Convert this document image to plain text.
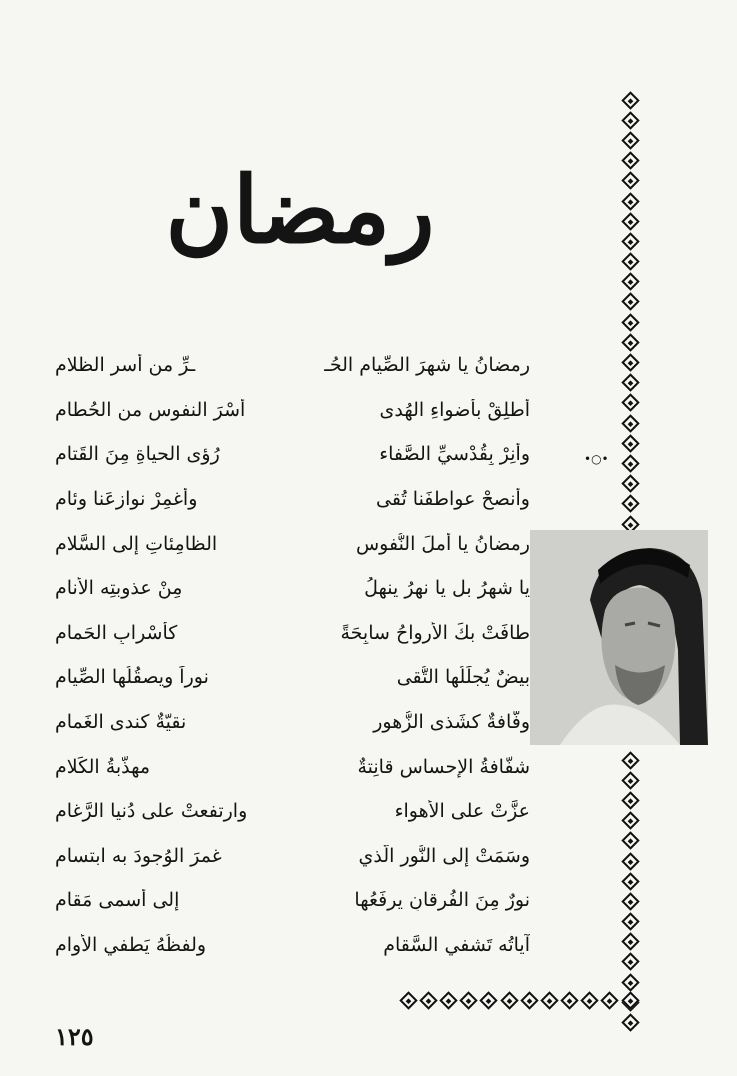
رمضان
•○•
ـرِّ من أسرِ الظلام	رمضانُ يا شهرَ الصِّيام الحُـ
أسْرَ النفوسِ من الحُطام	أطلِقْ بأضواءِ الهُدى
رُؤى الحياةِ مِنَ القَتام	وأنِرْ بِقُدْسيِّ الصَّفاء
وأغمِرْ نوازِعَنا وِئام	وأنصحْ عواطفَنا تُقى
الظامِئاتِ إلى السَّلام	رمضانُ يا أملَ النُّفوس
مِنْ عذوبتِه الأنام	يا شهرُ بل يا نهرُ ينهلُ
كأسْرابِ الحَمام	طافَتْ بكَ الأرواحُ سابِحَةً
نوراً ويصقُلُها الصِّيام	بيضٌ يُجلِّلُها التُّقى
نقيّةٌ كندى الغَمام	وفّافةٌ كشَذى الزُّهور
مهذّبةُ الكَلام	شفّافةُ الإحساسِ قانِتةٌ
وارتفعتْ على دُنيا الرَّغام	عزَّتْ على الأهواء
غمرَ الوُجودَ به ابتسام	وسَمَتْ إلى النُّورِ الَّذي
إلى أسمى مَقام	نورٌ مِنَ الفُرقانِ يرفَعُها
ولفظُهُ يَطفي الأُوام	آياتُه تَشفي السَّقام
١٢٥
